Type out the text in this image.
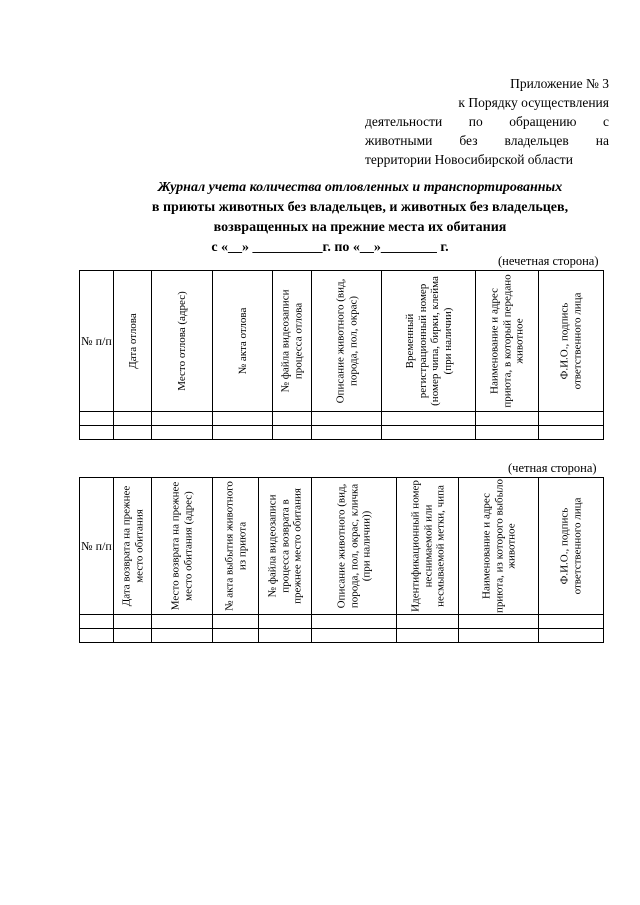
Приложение № 3
к Порядку осуществления
деятельности по обращению с
животными без владельцев на
территории Новосибирской области
Журнал учета количества отловленных и транспортированных
в приюты животных без владельцев, и животных без владельцев,
возвращенных на прежние места их обитания
с «__» __________г. по «__»________ г.
(нечетная сторона)
№ п/п	Дата отлова	Место отлова (адрес)	№ акта отлова	№ файла видеозаписи процесса отлова	Описание животного (вид, порода, пол, окрас)	Временный регистрационный номер (номер чипа, бирки, клейма (при наличии)	Наименование и адрес приюта, в который передано животное	Ф.И.О., подпись ответственного лица

(четная сторона)
№ п/п	Дата возврата на прежнее место обитания	Место возврата на прежнее место обитания (адрес)	№ акта выбытия животного из приюта	№ файла видеозаписи процесса возврата в прежнее место обитания	Описание животного (вид, порода, пол, окрас, кличка (при наличии))	Идентификационный номер неснимаемой или несмываемой метки, чипа	Наименование и адрес приюта, из которого выбыло животное	Ф.И.О., подпись ответственного лица
